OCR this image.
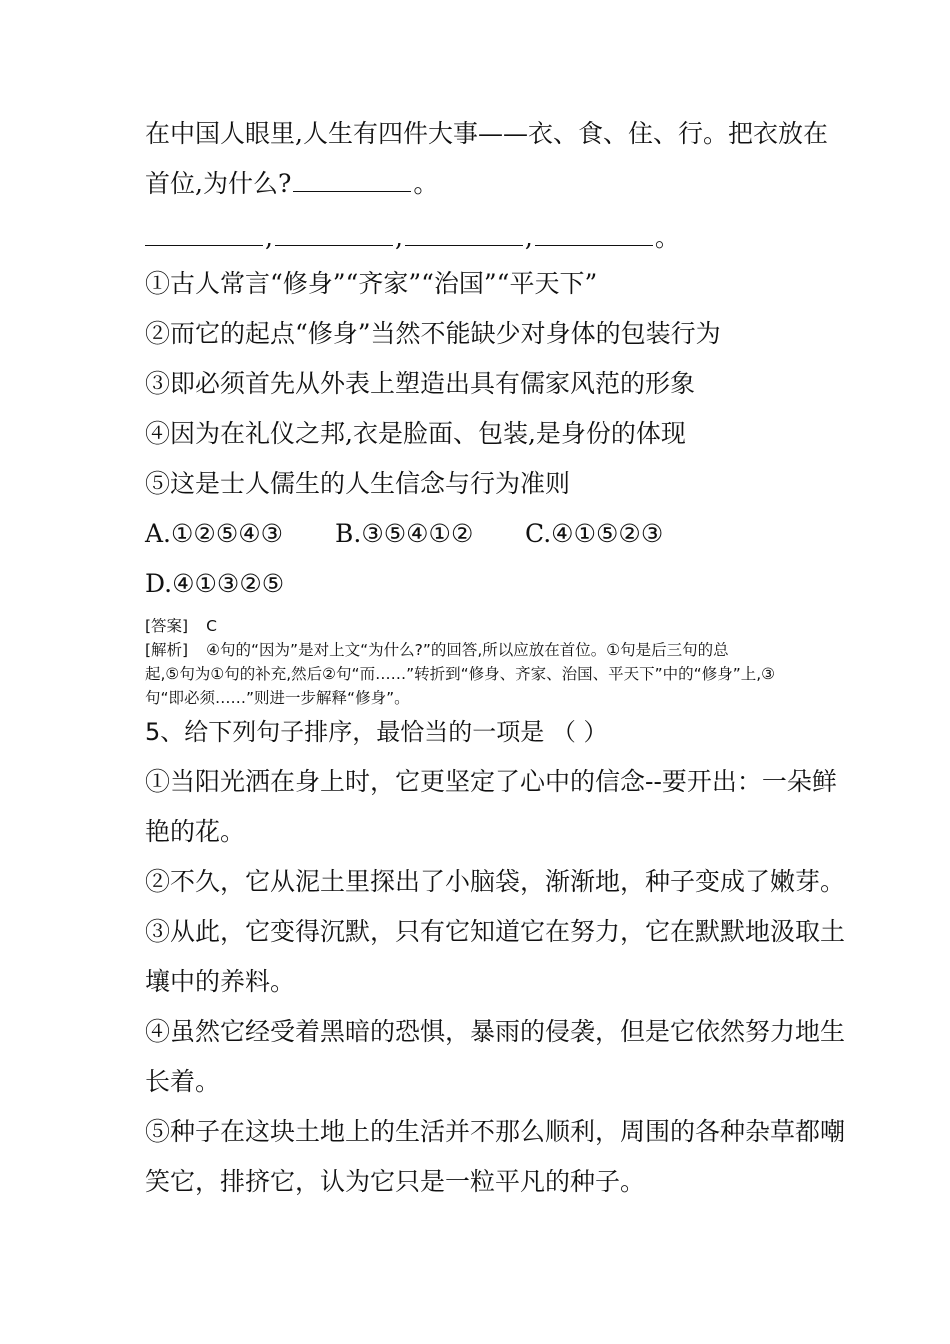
在中国人眼里,人生有四件大事——衣、食、住、行。把衣放在
首位,为什么?	。
,	,	,	。
①古人常言“修身”“齐家”“治国”“平天下”
②而它的起点“修身”当然不能缺少对身体的包装行为
③即必须首先从外表上塑造出具有儒家风范的形象
④因为在礼仪之邦,衣是脸面、包装,是身份的体现
⑤这是士人儒生的人生信念与行为准则
A.①②⑤④③ B.③⑤④①② C.④①⑤②③
D.④①③②⑤
[答案] C
[解析] ④句的“因为”是对上文“为什么?”的回答,所以应放在首位。①句是后三句的总
起,⑤句为①句的补充,然后②句“而……”转折到“修身、齐家、治国、平天下”中的“修身”上,③
句“即必须……”则进一步解释“修身”。
5、给下列句子排序，最恰当的一项是 （ ）
①当阳光洒在身上时，它更坚定了心中的信念--要开出：一朵鲜
艳的花。
②不久，它从泥土里探出了小脑袋，渐渐地，种子变成了嫩芽。
③从此，它变得沉默，只有它知道它在努力，它在默默地汲取土
壤中的养料。
④虽然它经受着黑暗的恐惧，暴雨的侵袭，但是它依然努力地生
长着。
⑤种子在这块土地上的生活并不那么顺利，周围的各种杂草都嘲
笑它，排挤它，认为它只是一粒平凡的种子。
